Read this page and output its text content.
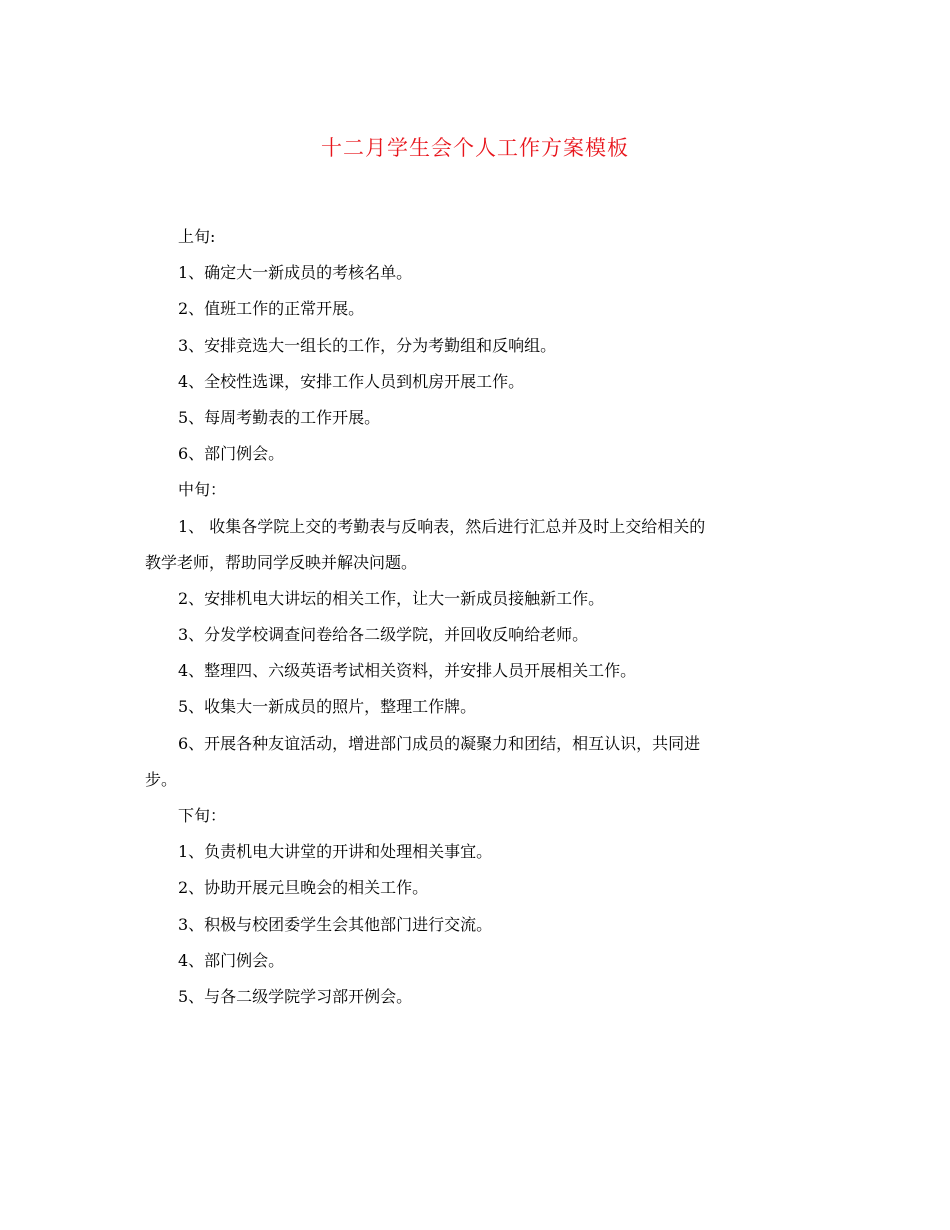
十二月学生会个人工作方案模板
上旬:
1、确定大一新成员的考核名单。
2、值班工作的正常开展。
3、安排竞选大一组长的工作，分为考勤组和反响组。
4、全校性选课，安排工作人员到机房开展工作。
5、每周考勤表的工作开展。
6、部门例会。
中旬：
1、 收集各学院上交的考勤表与反响表，然后进行汇总并及时上交给相关的
教学老师，帮助同学反映并解决问题。
2、安排机电大讲坛的相关工作，让大一新成员接触新工作。
3、分发学校调查问卷给各二级学院，并回收反响给老师。
4、整理四、六级英语考试相关资料，并安排人员开展相关工作。
5、收集大一新成员的照片，整理工作牌。
6、开展各种友谊活动，增进部门成员的凝聚力和团结，相互认识，共同进
步。
下旬：
1、负责机电大讲堂的开讲和处理相关事宜。
2、协助开展元旦晚会的相关工作。
3、积极与校团委学生会其他部门进行交流。
4、部门例会。
5、与各二级学院学习部开例会。
